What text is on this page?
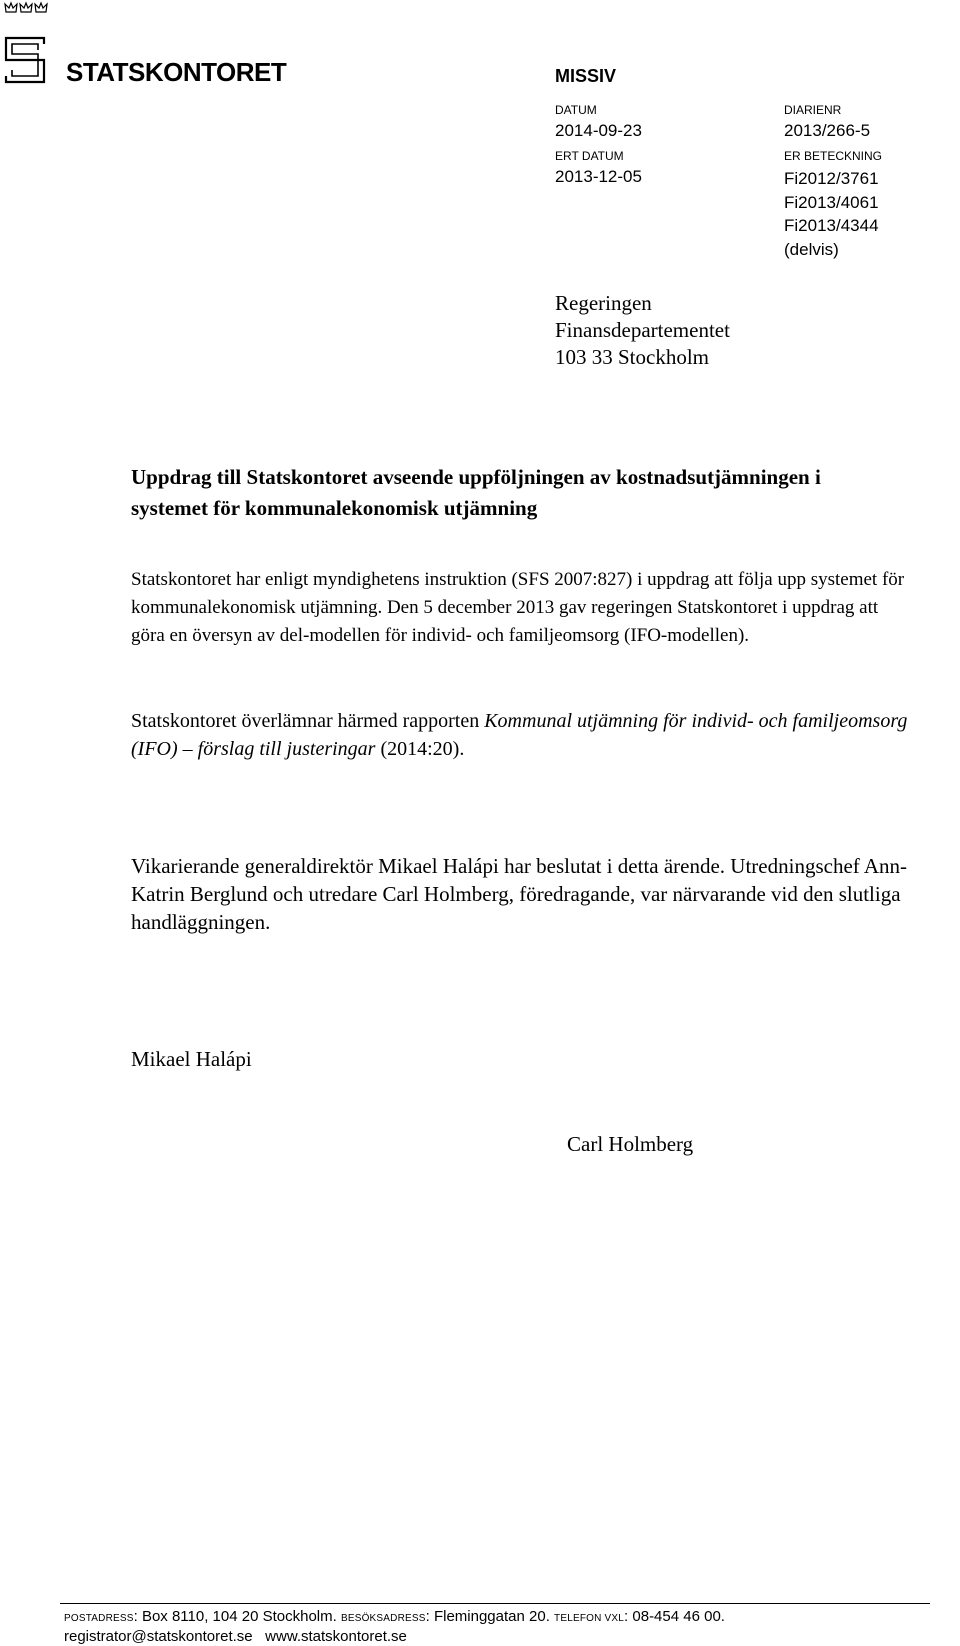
STATSKONTORET	MISSIV
DATUM
2014-09-23
DIARIENR
2013/266-5
ERT DATUM
2013-12-05
ER BETECKNING
Fi2012/3761
Fi2013/4061
Fi2013/4344
(delvis)
Regeringen
Finansdepartementet
103 33 Stockholm
Uppdrag till Statskontoret avseende uppföljningen av kostnadsutjämningen i systemet för kommunalekonomisk utjämning
Statskontoret har enligt myndighetens instruktion (SFS 2007:827) i uppdrag att följa upp systemet för kommunalekonomisk utjämning. Den 5 december 2013 gav regeringen Statskontoret i uppdrag att göra en översyn av del-modellen för individ- och familjeomsorg (IFO-modellen).
Statskontoret överlämnar härmed rapporten Kommunal utjämning för individ- och familjeomsorg (IFO) – förslag till justeringar (2014:20).
Vikarierande generaldirektör Mikael Halápi har beslutat i detta ärende. Utredningschef Ann-Katrin Berglund och utredare Carl Holmberg, föredragande, var närvarande vid den slutliga handläggningen.
Mikael Halápi
Carl Holmberg
POSTADRESS: Box 8110, 104 20 Stockholm. BESÖKSADRESS: Fleminggatan 20. TELEFON VXL: 08-454 46 00.
registrator@statskontoret.se www.statskontoret.se
